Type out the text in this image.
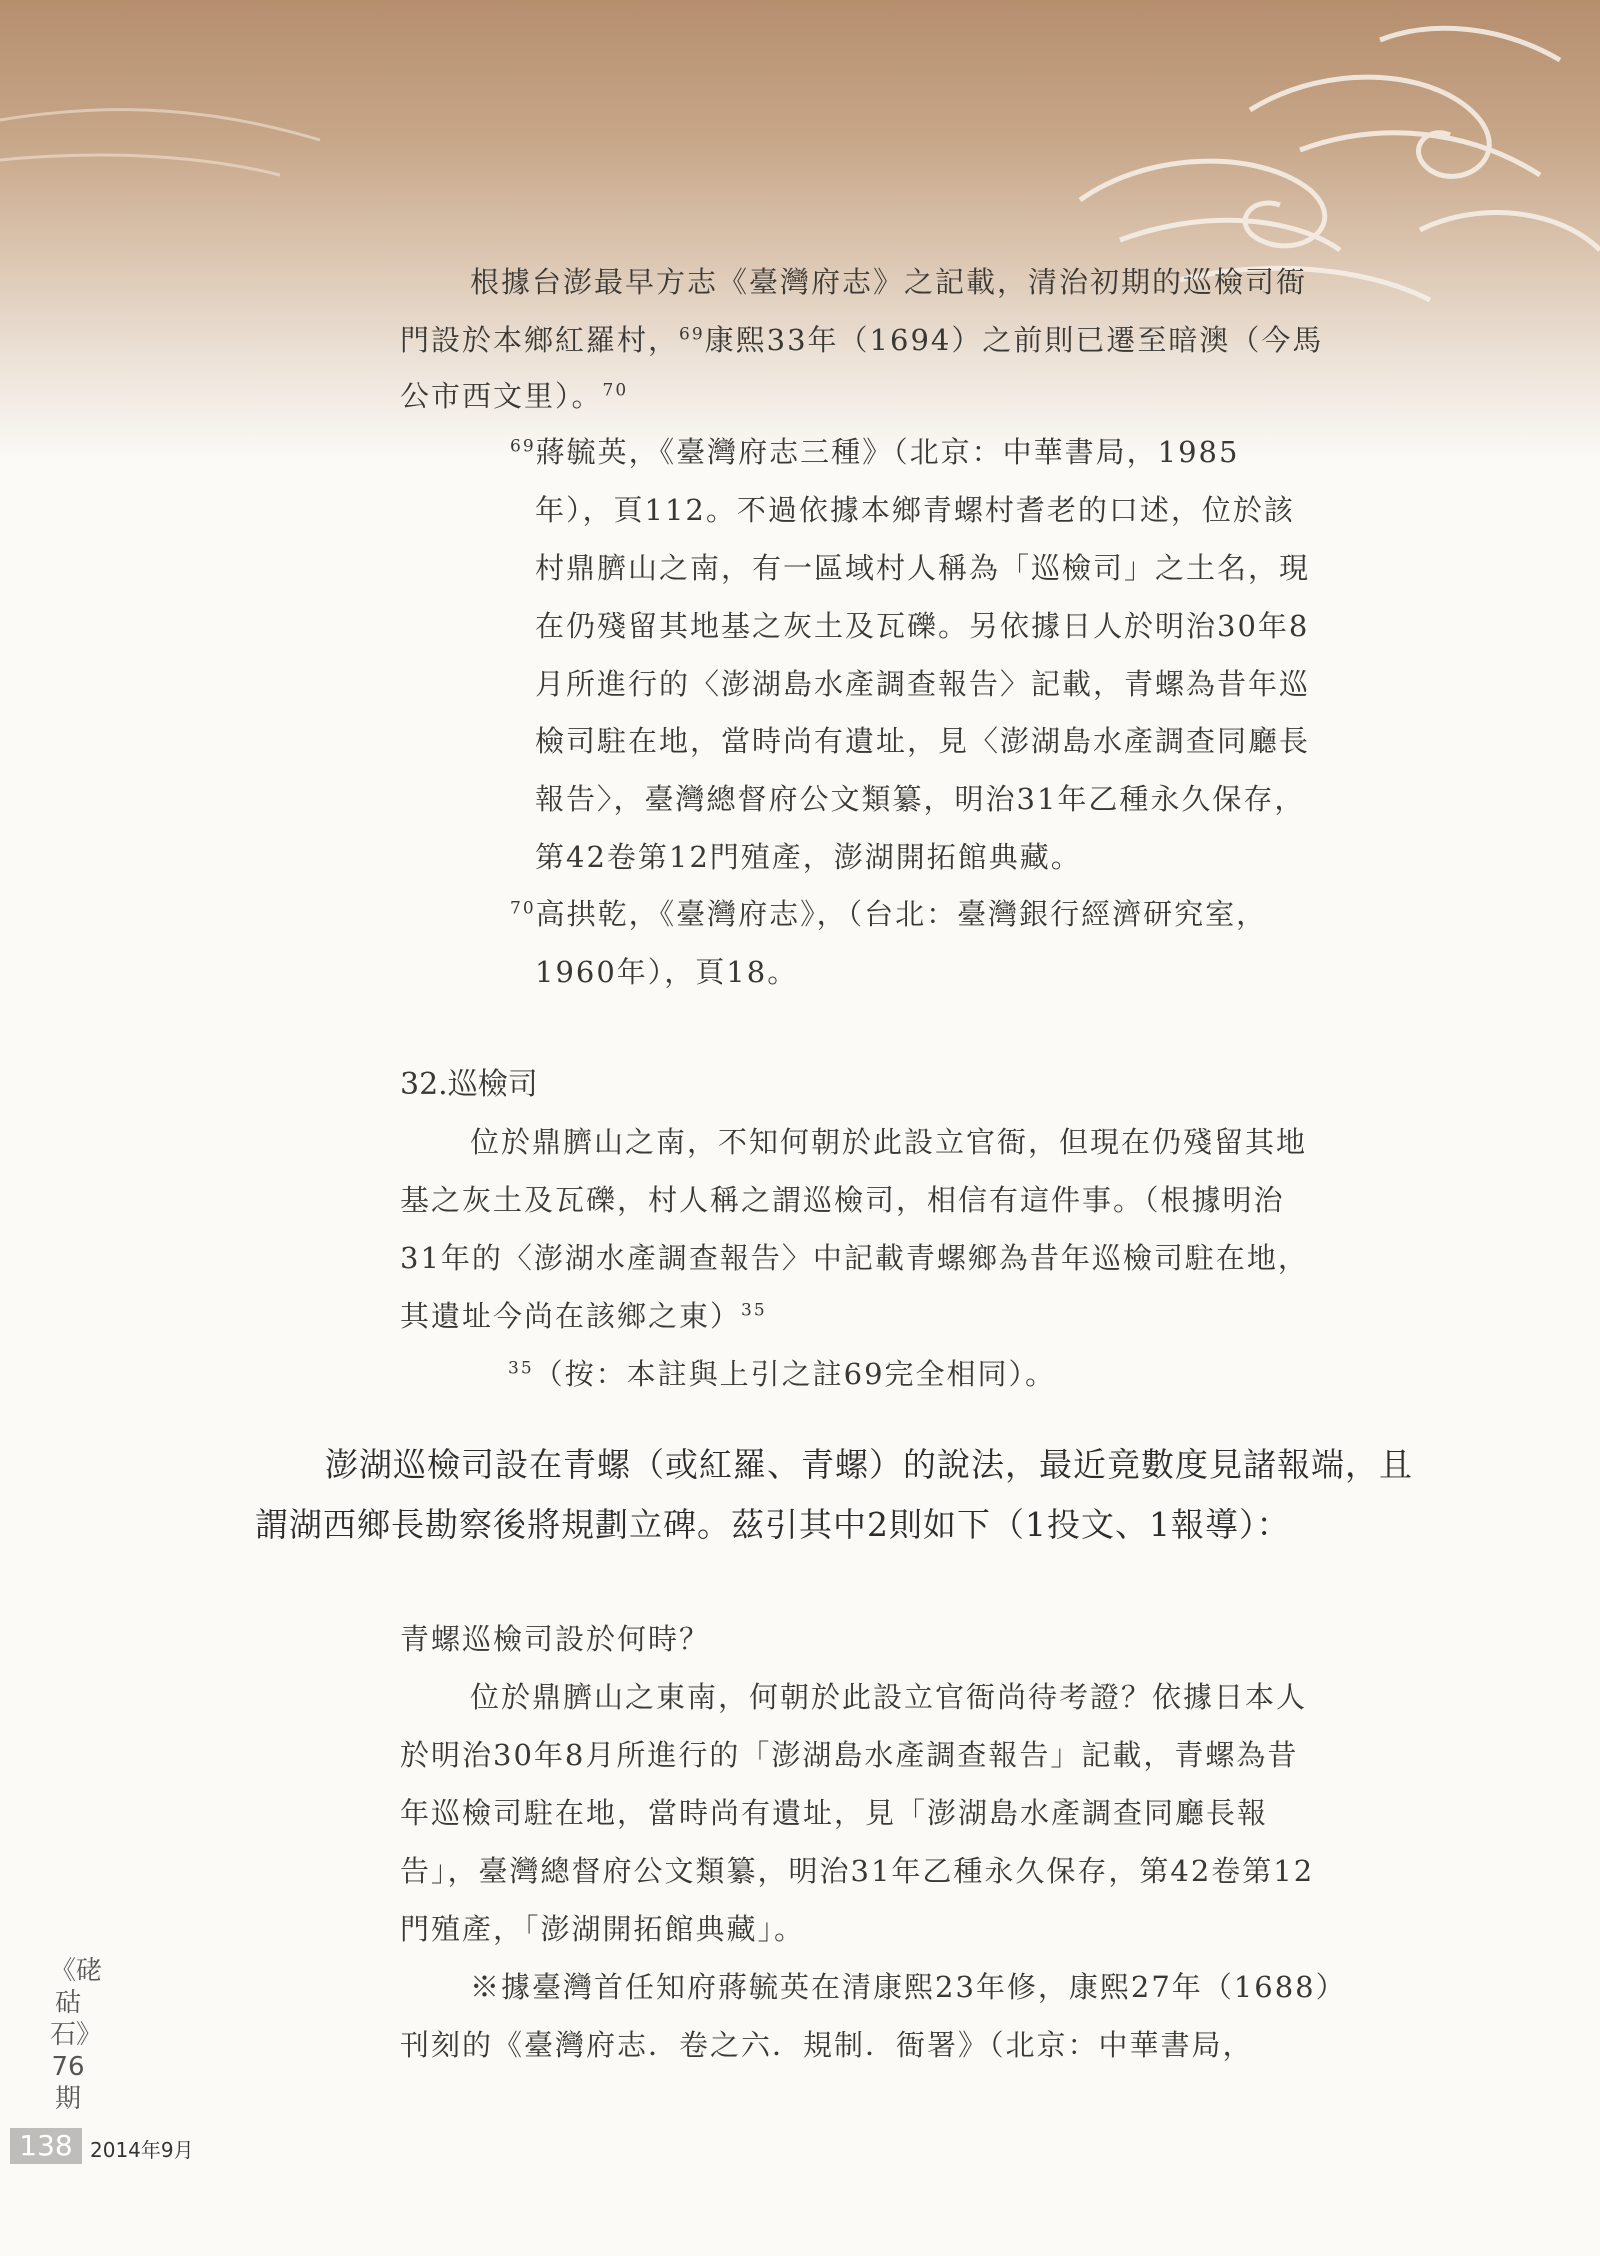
根據台澎最早方志《臺灣府志》之記載，清治初期的巡檢司衙
門設於本鄉紅羅村，$^{69}$康熙33年（1694）之前則已遷至暗澳（今馬
公市西文里）。$^{70}$
$^{69}$蔣毓英，《臺灣府志三種》（北京：中華書局，1985
年），頁112。不過依據本鄉青螺村耆老的口述，位於該
村鼎臍山之南，有一區域村人稱為「巡檢司」之土名，現
在仍殘留其地基之灰土及瓦礫。另依據日人於明治30年8
月所進行的〈澎湖島水產調查報告〉記載，青螺為昔年巡
檢司駐在地，當時尚有遺址，見〈澎湖島水產調查同廳長
報告〉，臺灣總督府公文類纂，明治31年乙種永久保存，
第42卷第12門殖產，澎湖開拓館典藏。
$^{70}$高拱乾，《臺灣府志》，（台北：臺灣銀行經濟研究室，
1960年），頁18。
32.巡檢司
位於鼎臍山之南，不知何朝於此設立官衙，但現在仍殘留其地
基之灰土及瓦礫，村人稱之謂巡檢司，相信有這件事。（根據明治
31年的〈澎湖水產調查報告〉中記載青螺鄉為昔年巡檢司駐在地，
其遺址今尚在該鄉之東）$^{35}$
$^{35}$（按：本註與上引之註69完全相同）。
澎湖巡檢司設在青螺（或紅羅、青螺）的說法，最近竟數度見諸報端，且
謂湖西鄉長勘察後將規劃立碑。茲引其中2則如下（1投文、1報導）：
青螺巡檢司設於何時？
位於鼎臍山之東南，何朝於此設立官衙尚待考證？依據日本人
於明治30年8月所進行的「澎湖島水產調查報告」記載，青螺為昔
年巡檢司駐在地，當時尚有遺址，見「澎湖島水產調查同廳長報
告」，臺灣總督府公文類纂，明治31年乙種永久保存，第42卷第12
門殖產，「澎湖開拓館典藏」。
※據臺灣首任知府蔣毓英在清康熙23年修，康熙27年（1688）
刊刻的《臺灣府志．卷之六．規制．衙署》（北京：中華書局，
《硓𥑮石》76期
138 2014年9月
